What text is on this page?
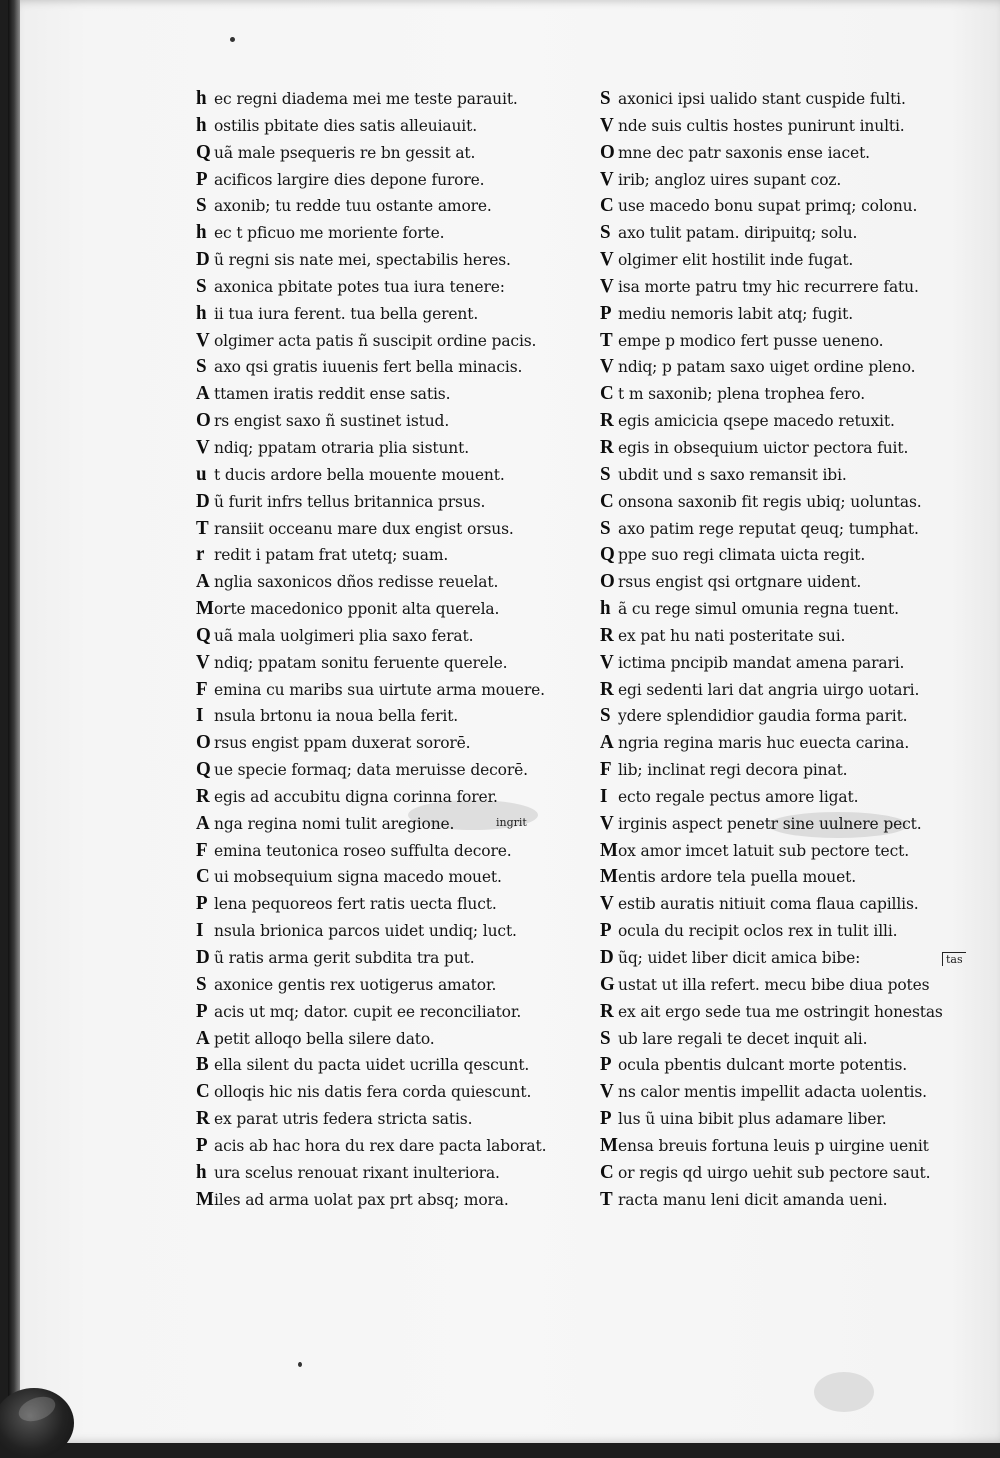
h ec regni diadema mei me teste parauit.
h ostilis pbitate dies satis alleuiauit.
Q uã male psequeris re bn gessit at.
P acificos largire dies depone furore.
S axonib; tu redde tuu ostante amore.
h ec t pficuo me moriente forte.
D ũ regni sis nate mei, spectabilis heres.
S axonica pbitate potes tua iura tenere:
h ii tua iura ferent. tua bella gerent.
V olgimer acta patis ñ suscipit ordine pacis.
S axo qsi gratis iuuenis fert bella minacis.
A ttamen iratis reddit ense satis.
O rs engist saxo ñ sustinet istud.
V ndiq; ppatam otraria plia sistunt.
u t ducis ardore bella mouente mouent.
D ũ furit infrs tellus britannica prsus.
T ransiit occeanu mare dux engist orsus.
r redit i patam frat utetq; suam.
A nglia saxonicos dños redisse reuelat.
Morte macedonico pponit alta querela.
Q uã mala uolgimeri plia saxo ferat.
V ndiq; ppatam sonitu feruente querele.
F emina cu maribs sua uirtute arma mouere.
I nsula brtonu ia noua bella ferit.
O rsus engist ppam duxerat sororē.
Q ue specie formaq; data meruisse decorē.
R egis ad accubitu digna corinna forer.
A nga regina nomi tulit aregione.
F emina teutonica roseo suffulta decore.
C ui mobsequium signa macedo mouet.
P lena pequoreos fert ratis uecta fluct.
I nsula brionica parcos uidet undiq; luct.
D ũ ratis arma gerit subdita tra put.
S axonice gentis rex uotigerus amator.
P acis ut mq; dator. cupit ee reconciliator.
A petit alloqo bella silere dato.
B ella silent du pacta uidet ucrilla qescunt.
C olloqis hic nis datis fera corda quiescunt.
R ex parat utris federa stricta satis.
P acis ab hac hora du rex dare pacta laborat.
h ura scelus renouat rixant inulteriora.
Miles ad arma uolat pax prt absq; mora.
S axonici ipsi ualido stant cuspide fulti.
V nde suis cultis hostes punirunt inulti.
O mne dec patr saxonis ense iacet.
V irib; angloz uires supant coz.
C use macedo bonu supat primq; colonu.
S axo tulit patam. diripuitq; solu.
V olgimer elit hostilit inde fugat.
V isa morte patru tmy hic recurrere fatu.
P mediu nemoris labit atq; fugit.
T empe p modico fert pusse ueneno.
V ndiq; p patam saxo uiget ordine pleno.
C t m saxonib; plena trophea fero.
R egis amicicia qsepe macedo retuxit.
R egis in obsequium uictor pectora fuit.
S ubdit und s saxo remansit ibi.
C onsona saxonib fit regis ubiq; uoluntas.
S axo patim rege reputat qeuq; tumphat.
Q ppe suo regi climata uicta regit.
O rsus engist qsi ortgnare uident.
h ã cu rege simul omunia regna tuent.
R ex pat hu nati posteritate sui.
V ictima pncipib mandat amena parari.
R egi sedenti lari dat angria uirgo uotari.
S ydere splendidior gaudia forma parit.
A ngria regina maris huc euecta carina.
F lib; inclinat regi decora pinat.
I ecto regale pectus amore ligat.
V irginis aspect penetr sine uulnere pect.
Mox amor imcet latuit sub pectore tect.
Mentis ardore tela puella mouet.
V estib auratis nitiuit coma flaua capillis.
P ocula du recipit oclos rex in tulit illi.
D ũq; uidet liber dicit amica bibe:
G ustat ut illa refert. mecu bibe diua potes
R ex ait ergo sede tua me ostringit honestas
S ub lare regali te decet inquit ali.
P ocula pbentis dulcant morte potentis.
V ns calor mentis impellit adacta uolentis.
P lus ũ uina bibit plus adamare liber.
Mensa breuis fortuna leuis p uirgine uenit
C or regis qd uirgo uehit sub pectore saut.
T racta manu leni dicit amanda ueni.
ingrit
tas
